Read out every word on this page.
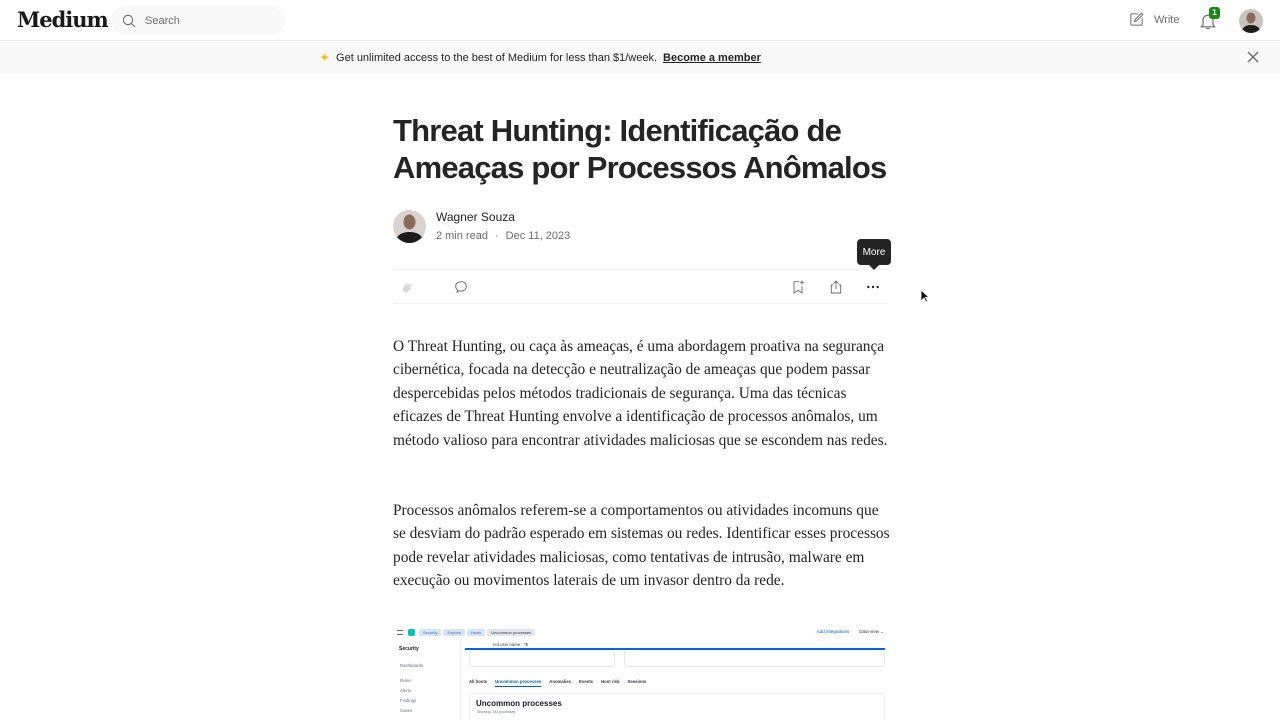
Medium
Search	Write
1
✦ Get unlimited access to the best of Medium for less than $1/week. Become a member
Threat Hunting: Identificação de Ameaças por Processos Anômalos
Wagner Souza
2 min read · Dec 11, 2023

O Threat Hunting, ou caça às ameaças, é uma abordagem proativa na segurança cibernética, focada na detecção e neutralização de ameaças que podem passar despercebidas pelos métodos tradicionais de segurança. Uma das técnicas eficazes de Threat Hunting envolve a identificação de processos anômalos, um método valioso para encontrar atividades maliciosas que se escondem nas redes.

Processos anômalos referem-se a comportamentos ou atividades incomuns que se desviam do padrão esperado em sistemas ou redes. Identificar esses processos pode revelar atividades maliciosas, como tentativas de intrusão, malware em execução ou movimentos laterais de um invasor dentro da rede.

More
Security	Explore	Hosts	Uncommon processes	Add integrations Data view ⌄
Security
Dashboards
Rules
Alerts
Findings
Cases
not user.name : *$
All hosts Uncommon processes Anomalies Events Host risk Sessions
Uncommon processes
Showing: 243 processes
